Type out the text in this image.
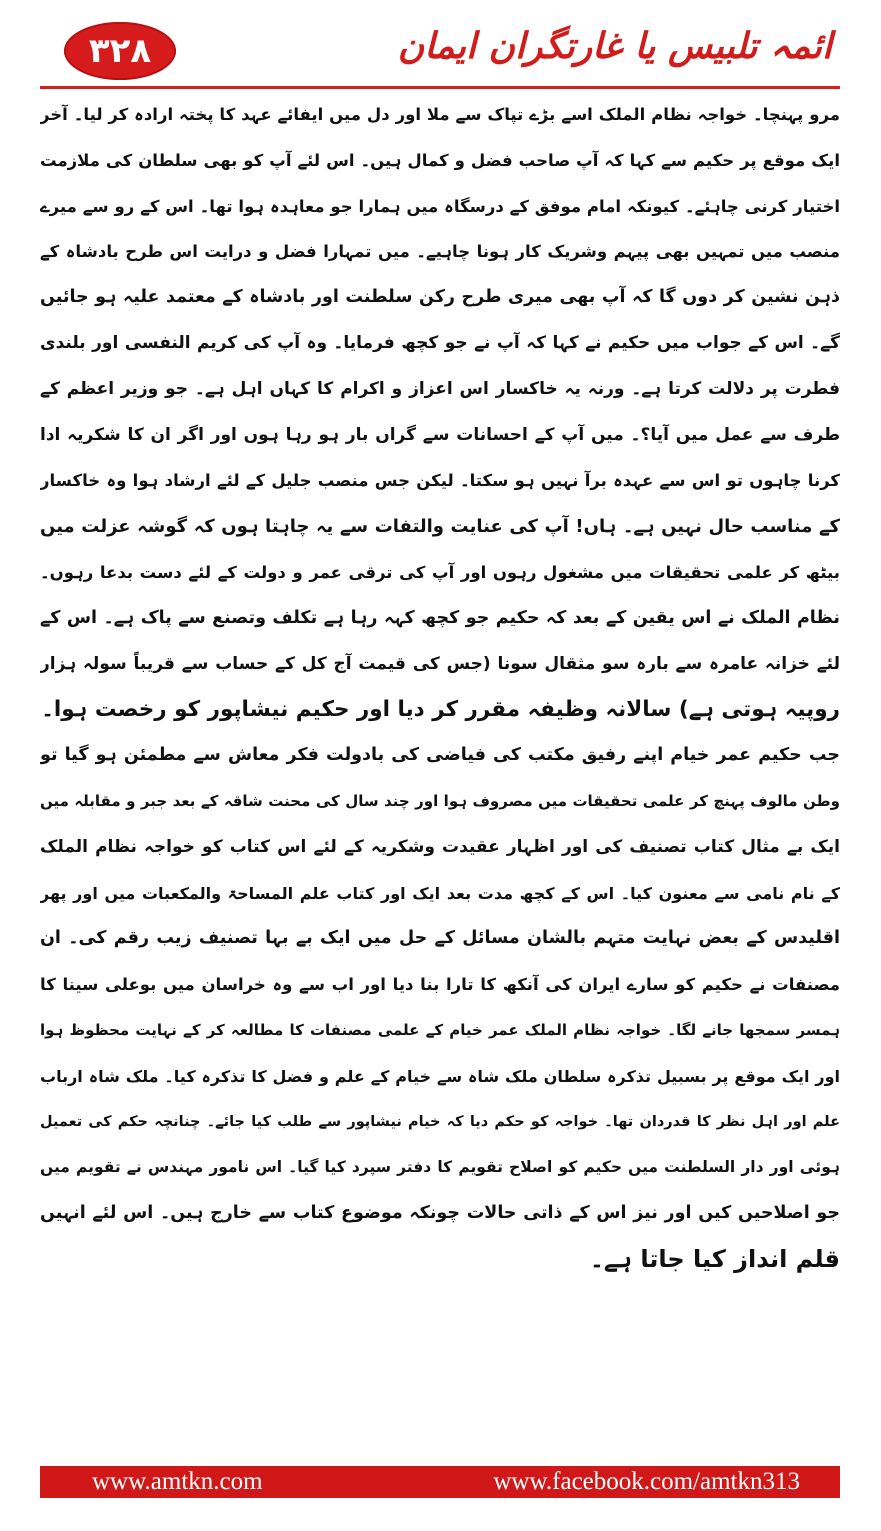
۳۲۸	ائمہ تلبیس یا غارتگران ایمان
مرو پہنچا۔ خواجہ نظام الملک اسے بڑے تپاک سے ملا اور دل میں ایفائے عہد کا پختہ ارادہ کر لیا۔ آخر
ایک موقع پر حکیم سے کہا کہ آپ صاحب فضل و کمال ہیں۔ اس لئے آپ کو بھی سلطان کی ملازمت
اختیار کرنی چاہئے۔ کیونکہ امام موفق کے درسگاہ میں ہمارا جو معاہدہ ہوا تھا۔ اس کے رو سے میرے
منصب میں تمہیں بھی پیہم وشریک کار ہونا چاہیے۔ میں تمہارا فضل و درایت اس طرح بادشاہ کے
ذہن نشین کر دوں گا کہ آپ بھی میری طرح رکن سلطنت اور بادشاہ کے معتمد علیہ ہو جائیں
گے۔ اس کے جواب میں حکیم نے کہا کہ آپ نے جو کچھ فرمایا۔ وہ آپ کی کریم النفسی اور بلندی
فطرت پر دلالت کرتا ہے۔ ورنہ یہ خاکسار اس اعزاز و اکرام کا کہاں اہل ہے۔ جو وزیر اعظم کے
طرف سے عمل میں آیا؟۔ میں آپ کے احسانات سے گراں بار ہو رہا ہوں اور اگر ان کا شکریہ ادا
کرنا چاہوں تو اس سے عہدہ برآ نہیں ہو سکتا۔ لیکن جس منصب جلیل کے لئے ارشاد ہوا وہ خاکسار
کے مناسب حال نہیں ہے۔ ہاں! آپ کی عنایت والتفات سے یہ چاہتا ہوں کہ گوشہ عزلت میں
بیٹھ کر علمی تحقیقات میں مشغول رہوں اور آپ کی ترقی عمر و دولت کے لئے دست بدعا رہوں۔
نظام الملک نے اس یقین کے بعد کہ حکیم جو کچھ کہہ رہا ہے تکلف وتصنع سے پاک ہے۔ اس کے
لئے خزانہ عامرہ سے بارہ سو مثقال سونا (جس کی قیمت آج کل کے حساب سے قریباً سولہ ہزار
روپیہ ہوتی ہے) سالانہ وظیفہ مقرر کر دیا اور حکیم نیشاپور کو رخصت ہوا۔
جب حکیم عمر خیام اپنے رفیق مکتب کی فیاضی کی بادولت فکر معاش سے مطمئن ہو گیا تو
وطن مالوف پہنچ کر علمی تحقیقات میں مصروف ہوا اور چند سال کی محنت شاقہ کے بعد جبر و مقابلہ میں
ایک بے مثال کتاب تصنیف کی اور اظہار عقیدت وشکریہ کے لئے اس کتاب کو خواجہ نظام الملک
کے نام نامی سے معنون کیا۔ اس کے کچھ مدت بعد ایک اور کتاب علم المساحۃ والمکعبات میں اور پھر
اقلیدس کے بعض نہایت متہم بالشان مسائل کے حل میں ایک بے بہا تصنیف زیب رقم کی۔ ان
مصنفات نے حکیم کو سارے ایران کی آنکھ کا تارا بنا دیا اور اب سے وہ خراسان میں بوعلی سینا کا
ہمسر سمجھا جانے لگا۔ خواجہ نظام الملک عمر خیام کے علمی مصنفات کا مطالعہ کر کے نہایت محظوظ ہوا
اور ایک موقع پر بسبیل تذکرہ سلطان ملک شاہ سے خیام کے علم و فضل کا تذکرہ کیا۔ ملک شاہ ارباب
علم اور اہل نظر کا قدردان تھا۔ خواجہ کو حکم دیا کہ خیام نیشاپور سے طلب کیا جائے۔ چنانچہ حکم کی تعمیل
ہوئی اور دار السلطنت میں حکیم کو اصلاح تقویم کا دفتر سپرد کیا گیا۔ اس نامور مہندس نے تقویم میں
جو اصلاحیں کیں اور نیز اس کے ذاتی حالات چونکہ موضوع کتاب سے خارج ہیں۔ اس لئے انہیں
قلم انداز کیا جاتا ہے۔
www.amtkn.com	www.facebook.com/amtkn313
